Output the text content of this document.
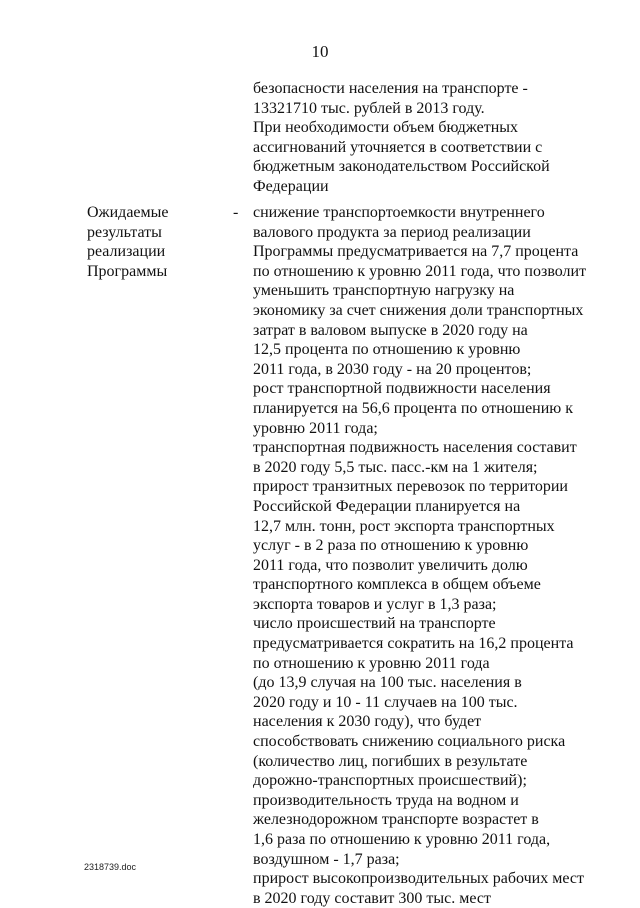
10
безопасности населения на транспорте -
13321710 тыс. рублей в 2013 году.
При необходимости объем бюджетных
ассигнований уточняется в соответствии с
бюджетным законодательством Российской
Федерации
Ожидаемые
результаты
реализации
Программы
- снижение транспортоемкости внутреннего
валового продукта за период реализации
Программы предусматривается на 7,7 процента
по отношению к уровню 2011 года, что позволит
уменьшить транспортную нагрузку на
экономику за счет снижения доли транспортных
затрат в валовом выпуске в 2020 году на
12,5 процента по отношению к уровню
2011 года, в 2030 году - на 20 процентов;
рост транспортной подвижности населения
планируется на 56,6 процента по отношению к
уровню 2011 года;
транспортная подвижность населения составит
в 2020 году 5,5 тыс. пасс.-км на 1 жителя;
прирост транзитных перевозок по территории
Российской Федерации планируется на
12,7 млн. тонн, рост экспорта транспортных
услуг - в 2 раза по отношению к уровню
2011 года, что позволит увеличить долю
транспортного комплекса в общем объеме
экспорта товаров и услуг в 1,3 раза;
число происшествий на транспорте
предусматривается сократить на 16,2 процента
по отношению к уровню 2011 года
(до 13,9 случая на 100 тыс. населения в
2020 году и 10 - 11 случаев на 100 тыс.
населения к 2030 году), что будет
способствовать снижению социального риска
(количество лиц, погибших в результате
дорожно-транспортных происшествий);
производительность труда на водном и
железнодорожном транспорте возрастет в
1,6 раза по отношению к уровню 2011 года,
воздушном - 1,7 раза;
прирост высокопроизводительных рабочих мест
в 2020 году составит 300 тыс. мест
2318739.doc
